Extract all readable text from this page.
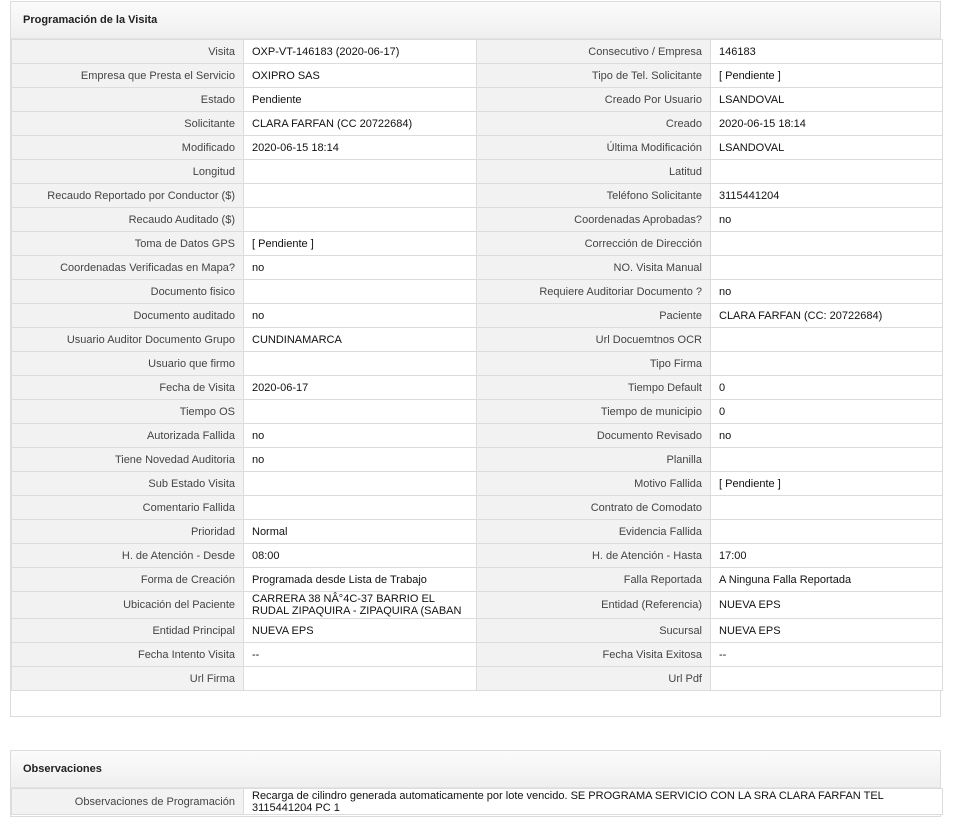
Programación de la Visita
Visita	OXP-VT-146183 (2020-06-17)	Consecutivo / Empresa	146183
Empresa que Presta el Servicio	OXIPRO SAS	Tipo de Tel. Solicitante	[ Pendiente ]
Estado	Pendiente	Creado Por Usuario	LSANDOVAL
Solicitante	CLARA FARFAN (CC 20722684)	Creado	2020-06-15 18:14
Modificado	2020-06-15 18:14	Última Modificación	LSANDOVAL
Longitud		Latitud	
Recaudo Reportado por Conductor ($)		Teléfono Solicitante	3115441204
Recaudo Auditado ($)		Coordenadas Aprobadas?	no
Toma de Datos GPS	[ Pendiente ]	Corrección de Dirección	
Coordenadas Verificadas en Mapa?	no	NO. Visita Manual	
Documento fisico		Requiere Auditoriar Documento ?	no
Documento auditado	no	Paciente	CLARA FARFAN (CC: 20722684)
Usuario Auditor Documento Grupo	CUNDINAMARCA	Url Docuemtnos OCR	
Usuario que firmo		Tipo Firma	
Fecha de Visita	2020-06-17	Tiempo Default	0
Tiempo OS		Tiempo de municipio	0
Autorizada Fallida	no	Documento Revisado	no
Tiene Novedad Auditoria	no	Planilla	
Sub Estado Visita		Motivo Fallida	[ Pendiente ]
Comentario Fallida		Contrato de Comodato	
Prioridad	Normal	Evidencia Fallida	
H. de Atención - Desde	08:00	H. de Atención - Hasta	17:00
Forma de Creación	Programada desde Lista de Trabajo	Falla Reportada	A Ninguna Falla Reportada
Ubicación del Paciente	CARRERA 38 NÂ°4C-37 BARRIO EL RUDAL ZIPAQUIRA - ZIPAQUIRA (SABAN	Entidad (Referencia)	NUEVA EPS
Entidad Principal	NUEVA EPS	Sucursal	NUEVA EPS
Fecha Intento Visita	--	Fecha Visita Exitosa	--
Url Firma		Url Pdf	
Observaciones
Observaciones de Programación	Recarga de cilindro generada automaticamente por lote vencido. SE PROGRAMA SERVICIO CON LA SRA CLARA FARFAN TEL 3115441204 PC 1
